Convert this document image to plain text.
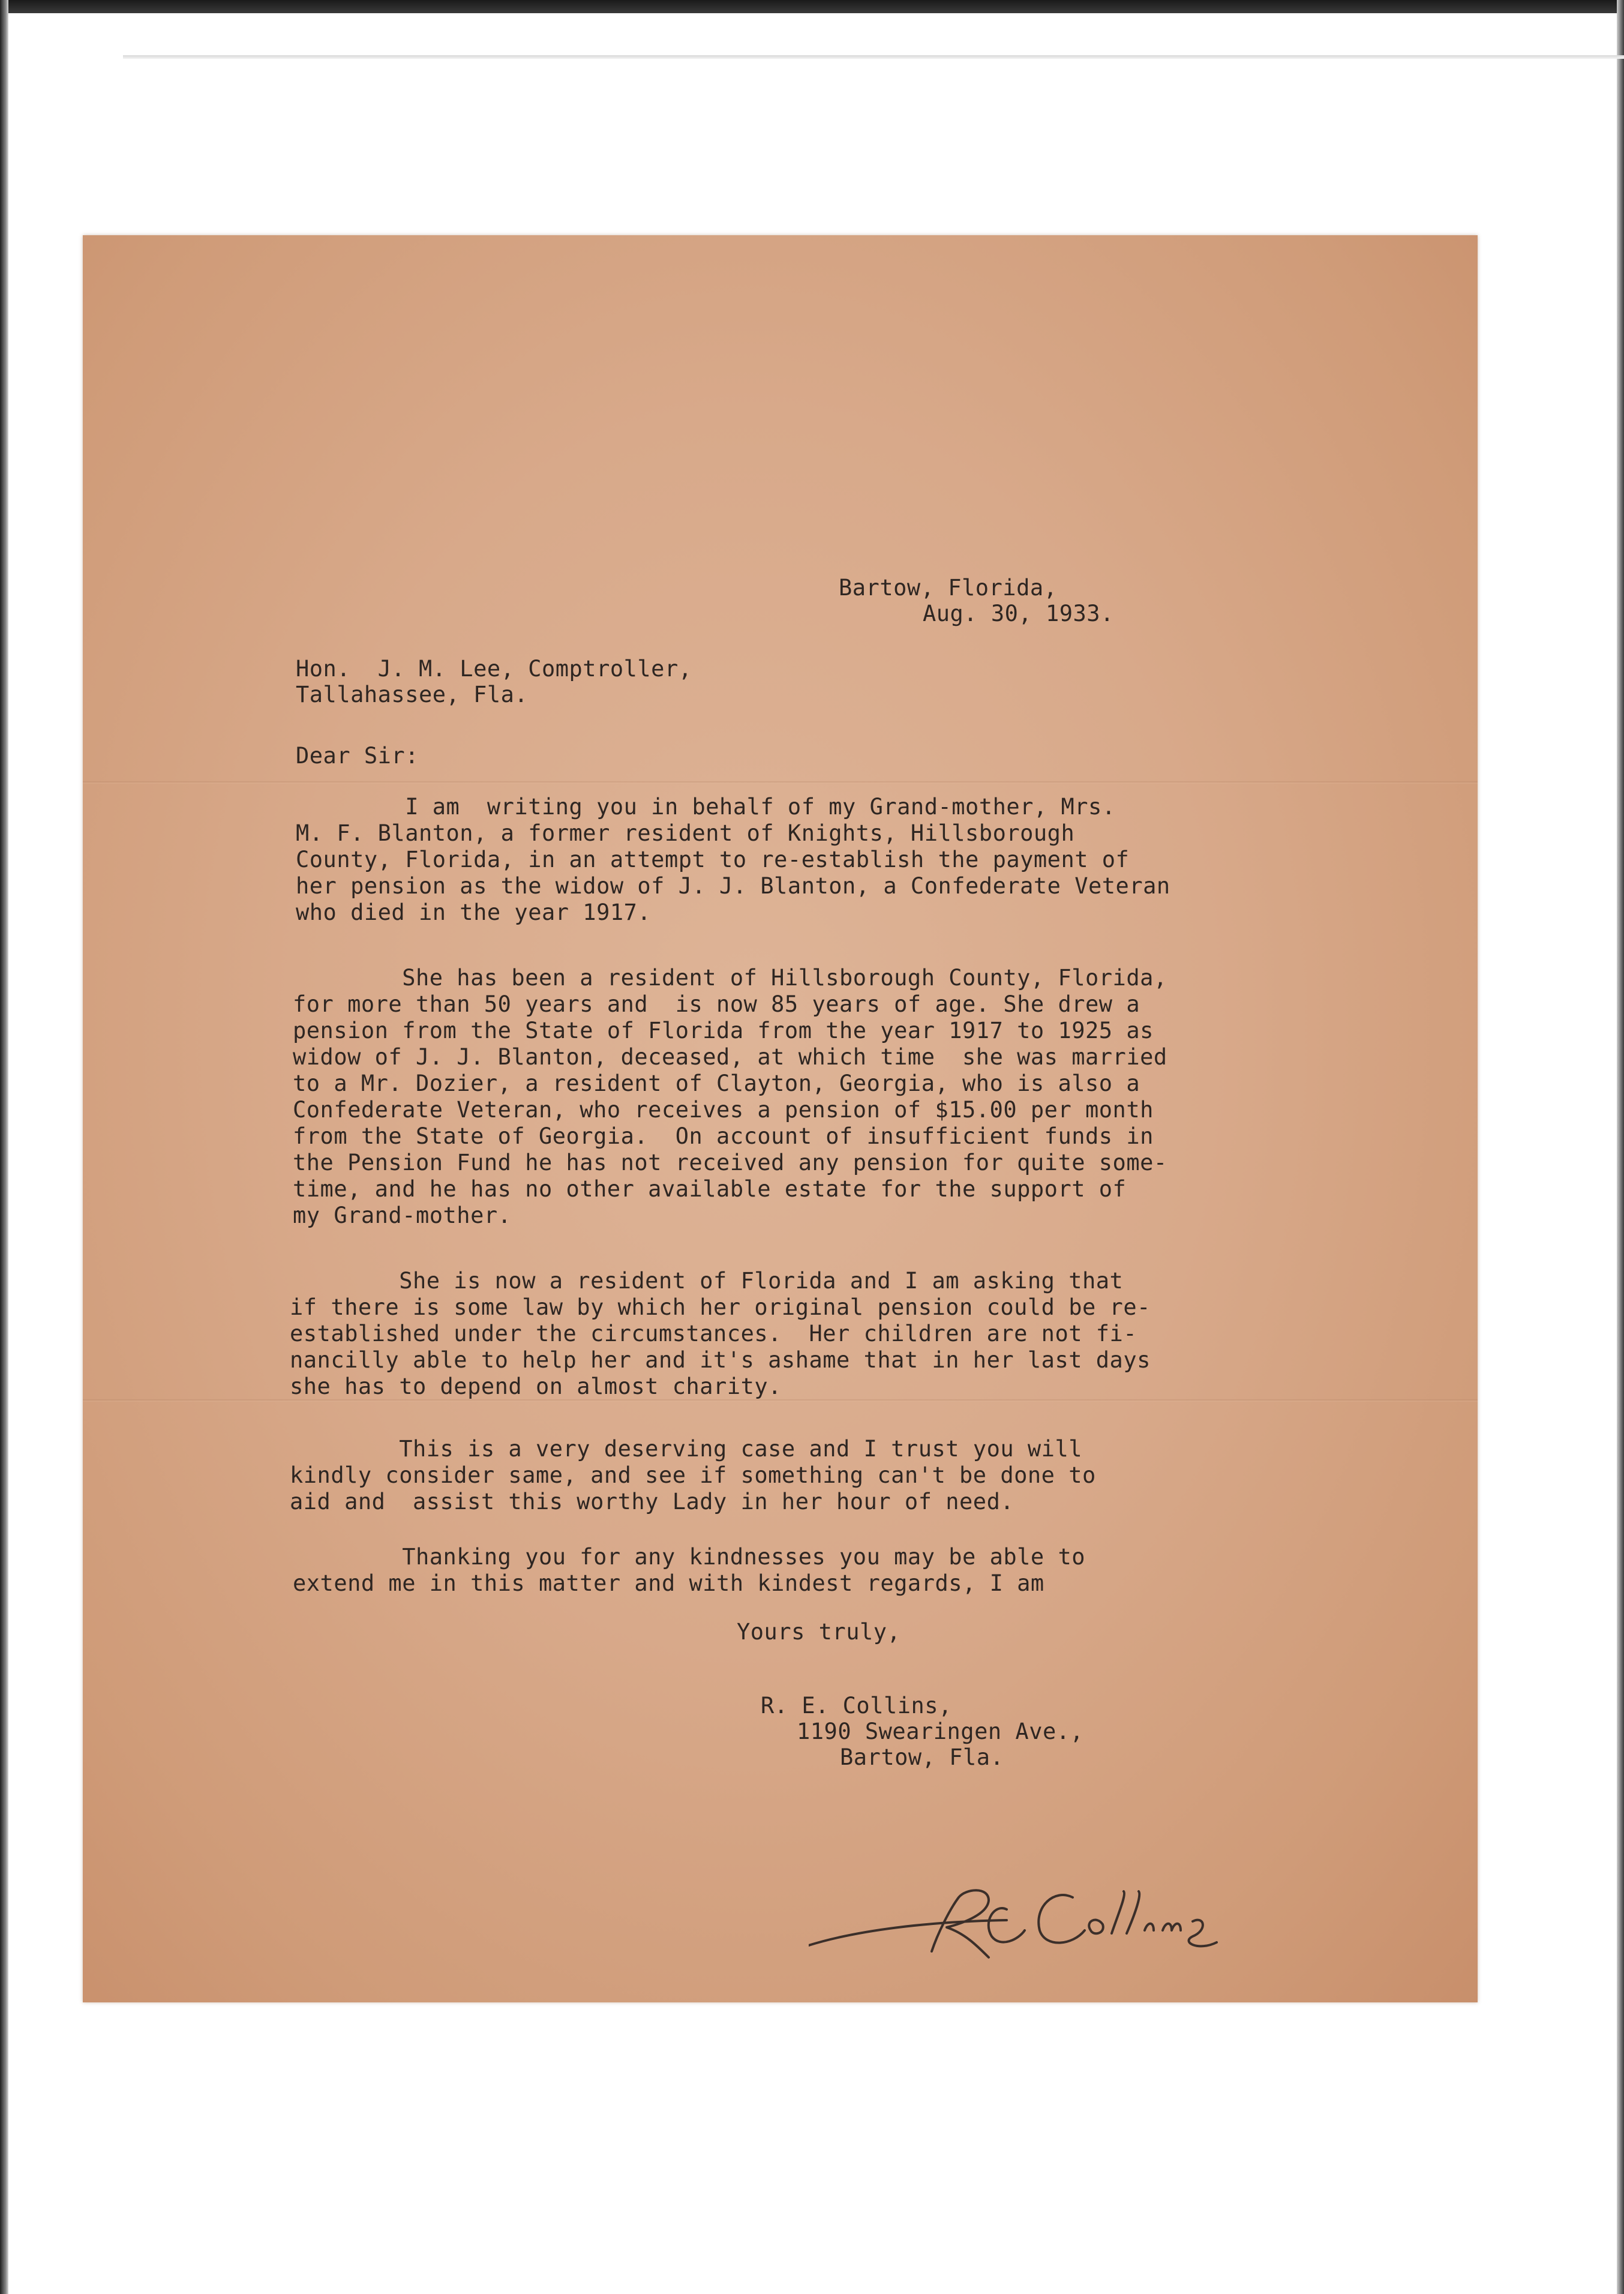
Bartow, Florida,

Aug. 30, 1933.

Hon.  J. M. Lee, Comptroller,

Tallahassee, Fla.

Dear Sir:

I am  writing you in behalf of my Grand-mother, Mrs.

M. F. Blanton, a former resident of Knights, Hillsborough

County, Florida, in an attempt to re-establish the payment of

her pension as the widow of J. J. Blanton, a Confederate Veteran

who died in the year 1917.

She has been a resident of Hillsborough County, Florida,

for more than 50 years and  is now 85 years of age. She drew a

pension from the State of Florida from the year 1917 to 1925 as

widow of J. J. Blanton, deceased, at which time  she was married

to a Mr. Dozier, a resident of Clayton, Georgia, who is also a

Confederate Veteran, who receives a pension of $15.00 per month

from the State of Georgia.  On account of insufficient funds in

the Pension Fund he has not received any pension for quite some-

time, and he has no other available estate for the support of

my Grand-mother.

She is now a resident of Florida and I am asking that

if there is some law by which her original pension could be re-

established under the circumstances.  Her children are not fi-

nancilly able to help her and it's ashame that in her last days

she has to depend on almost charity.

This is a very deserving case and I trust you will

kindly consider same, and see if something can't be done to

aid and  assist this worthy Lady in her hour of need.

Thanking you for any kindnesses you may be able to

extend me in this matter and with kindest regards, I am

Yours truly,

R. E. Collins,

1190 Swearingen Ave.,

Bartow, Fla.
